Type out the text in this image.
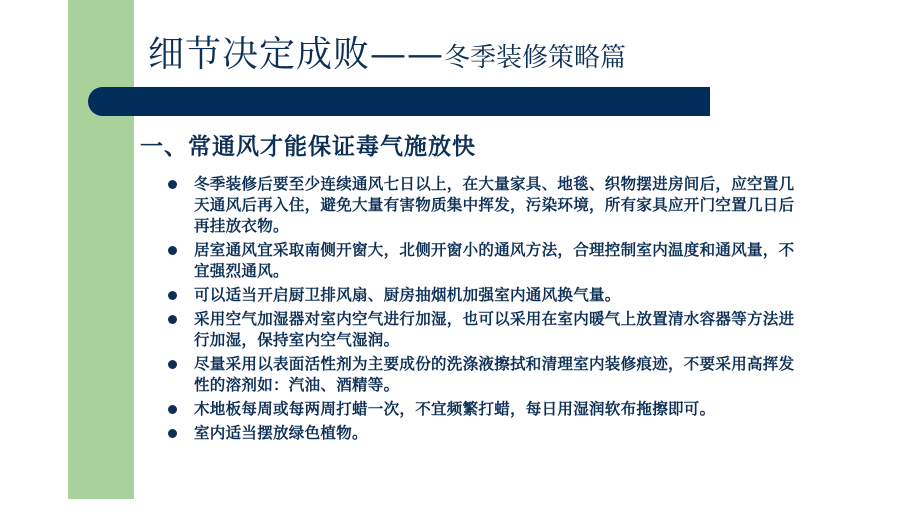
细节决定成败——冬季装修策略篇
一、常通风才能保证毒气施放快
冬季装修后要至少连续通风七日以上，在大量家具、地毯、织物摆进房间后，应空置几天通风后再入住，避免大量有害物质集中挥发，污染环境，所有家具应开门空置几日后再挂放衣物。
居室通风宜采取南侧开窗大，北侧开窗小的通风方法，合理控制室内温度和通风量，不宜强烈通风。
可以适当开启厨卫排风扇、厨房抽烟机加强室内通风换气量。
采用空气加湿器对室内空气进行加湿，也可以采用在室内暖气上放置清水容器等方法进行加湿，保持室内空气湿润。
尽量采用以表面活性剂为主要成份的洗涤液擦拭和清理室内装修痕迹，不要采用高挥发性的溶剂如：汽油、酒精等。
木地板每周或每两周打蜡一次，不宜频繁打蜡，每日用湿润软布拖擦即可。
室内适当摆放绿色植物。
